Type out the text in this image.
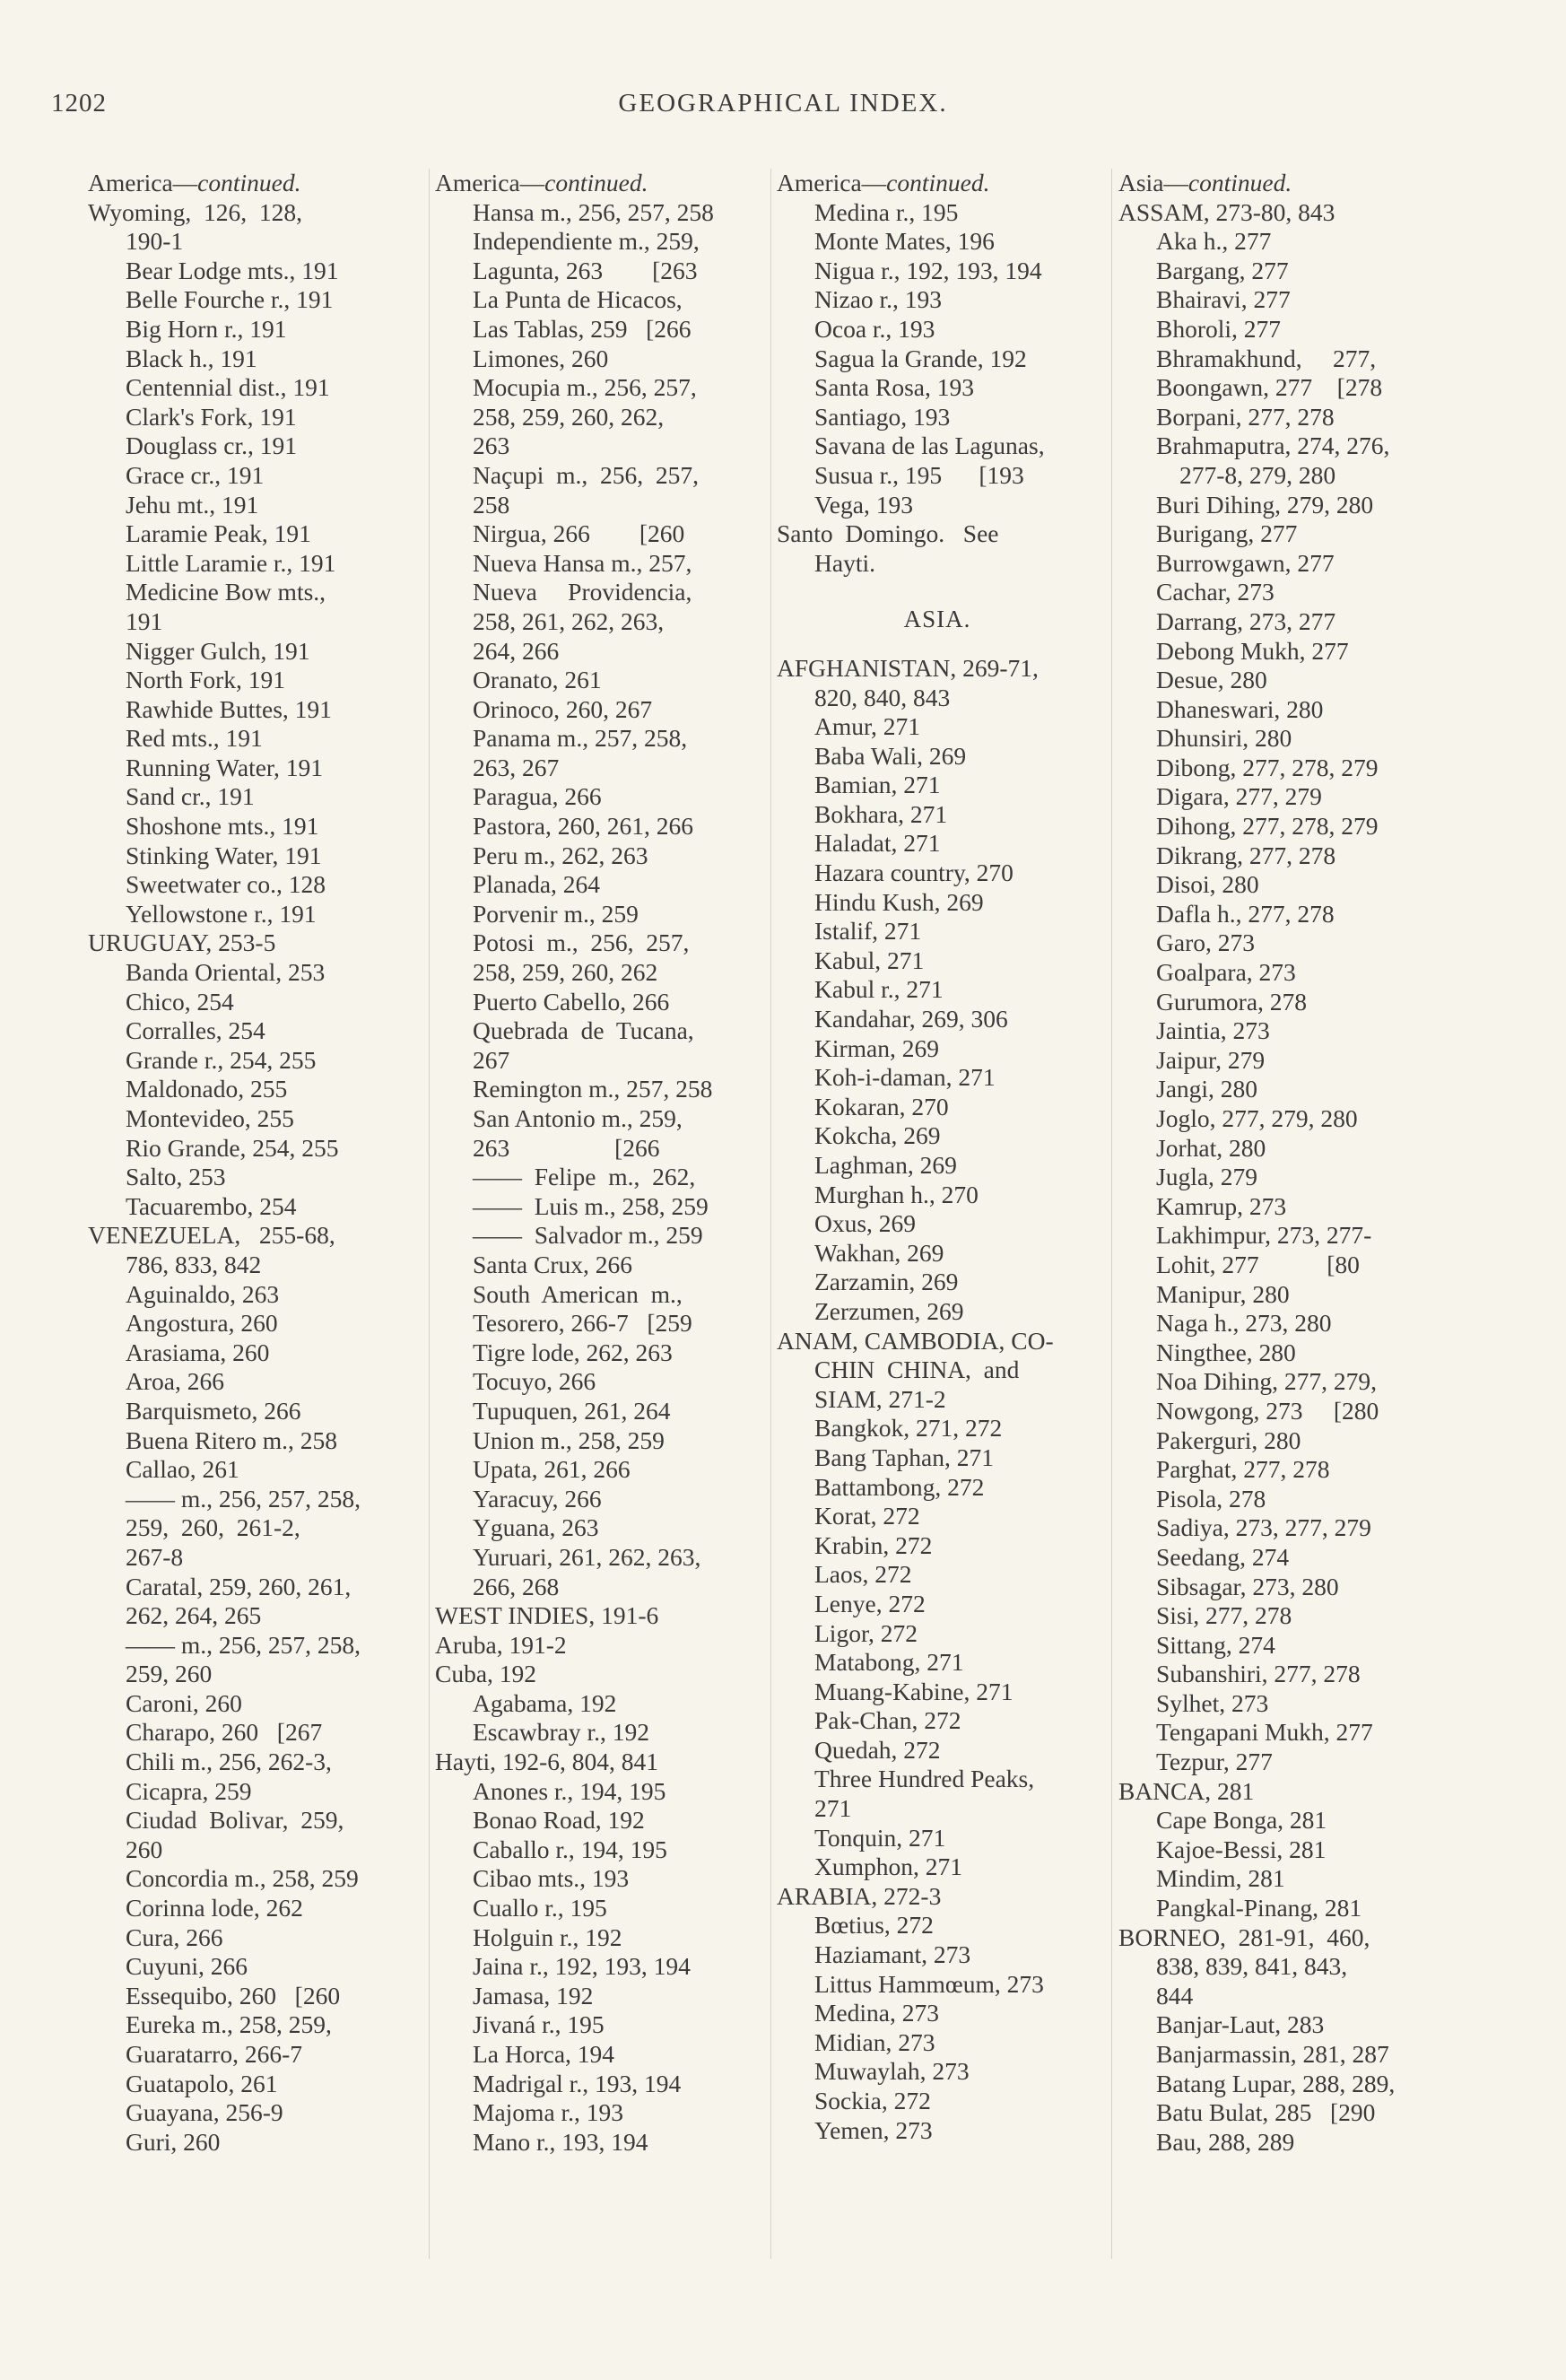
1202	GEOGRAPHICAL INDEX.
America—continued.
Wyoming,  126,  128,
190-1
Bear Lodge mts., 191
Belle Fourche r., 191
Big Horn r., 191
Black h., 191
Centennial dist., 191
Clark's Fork, 191
Douglass cr., 191
Grace cr., 191
Jehu mt., 191
Laramie Peak, 191
Little Laramie r., 191
Medicine Bow mts.,
191
Nigger Gulch, 191
North Fork, 191
Rawhide Buttes, 191
Red mts., 191
Running Water, 191
Sand cr., 191
Shoshone mts., 191
Stinking Water, 191
Sweetwater co., 128
Yellowstone r., 191
URUGUAY, 253-5
Banda Oriental, 253
Chico, 254
Corralles, 254
Grande r., 254, 255
Maldonado, 255
Montevideo, 255
Rio Grande, 254, 255
Salto, 253
Tacuarembo, 254
VENEZUELA,   255-68,
786, 833, 842
Aguinaldo, 263
Angostura, 260
Arasiama, 260
Aroa, 266
Barquismeto, 266
Buena Ritero m., 258
Callao, 261
—— m., 256, 257, 258,
259,  260,  261-2,
267-8
Caratal, 259, 260, 261,
262, 264, 265
—— m., 256, 257, 258,
259, 260
Caroni, 260
Charapo, 260   [267
Chili m., 256, 262-3,
Cicapra, 259
Ciudad  Bolivar,  259,
260
Concordia m., 258, 259
Corinna lode, 262
Cura, 266
Cuyuni, 266
Essequibo, 260   [260
Eureka m., 258, 259,
Guaratarro, 266-7
Guatapolo, 261
Guayana, 256-9
Guri, 260
America—continued.
Hansa m., 256, 257, 258
Independiente m., 259,
Lagunta, 263        [263
La Punta de Hicacos,
Las Tablas, 259   [266
Limones, 260
Mocupia m., 256, 257,
258, 259, 260, 262,
263
Naçupi  m.,  256,  257,
258
Nirgua, 266        [260
Nueva Hansa m., 257,
Nueva     Providencia,
258, 261, 262, 263,
264, 266
Oranato, 261
Orinoco, 260, 267
Panama m., 257, 258,
263, 267
Paragua, 266
Pastora, 260, 261, 266
Peru m., 262, 263
Planada, 264
Porvenir m., 259
Potosi  m.,  256,  257,
258, 259, 260, 262
Puerto Cabello, 266
Quebrada  de  Tucana,
267
Remington m., 257, 258
San Antonio m., 259,
263                 [266
——  Felipe  m.,  262,
——  Luis m., 258, 259
——  Salvador m., 259
Santa Crux, 266
South  American  m.,
Tesorero, 266-7   [259
Tigre lode, 262, 263
Tocuyo, 266
Tupuquen, 261, 264
Union m., 258, 259
Upata, 261, 266
Yaracuy, 266
Yguana, 263
Yuruari, 261, 262, 263,
266, 268
WEST INDIES, 191-6
Aruba, 191-2
Cuba, 192
Agabama, 192
Escawbray r., 192
Hayti, 192-6, 804, 841
Anones r., 194, 195
Bonao Road, 192
Caballo r., 194, 195
Cibao mts., 193
Cuallo r., 195
Holguin r., 192
Jaina r., 192, 193, 194
Jamasa, 192
Jivaná r., 195
La Horca, 194
Madrigal r., 193, 194
Majoma r., 193
Mano r., 193, 194
America—continued.
Medina r., 195
Monte Mates, 196
Nigua r., 192, 193, 194
Nizao r., 193
Ocoa r., 193
Sagua la Grande, 192
Santa Rosa, 193
Santiago, 193
Savana de las Lagunas,
Susua r., 195      [193
Vega, 193
Santo  Domingo.   See
Hayti.
ASIA.
AFGHANISTAN, 269-71,
820, 840, 843
Amur, 271
Baba Wali, 269
Bamian, 271
Bokhara, 271
Haladat, 271
Hazara country, 270
Hindu Kush, 269
Istalif, 271
Kabul, 271
Kabul r., 271
Kandahar, 269, 306
Kirman, 269
Koh-i-daman, 271
Kokaran, 270
Kokcha, 269
Laghman, 269
Murghan h., 270
Oxus, 269
Wakhan, 269
Zarzamin, 269
Zerzumen, 269
ANAM, CAMBODIA, CO-
CHIN  CHINA,  and
SIAM, 271-2
Bangkok, 271, 272
Bang Taphan, 271
Battambong, 272
Korat, 272
Krabin, 272
Laos, 272
Lenye, 272
Ligor, 272
Matabong, 271
Muang-Kabine, 271
Pak-Chan, 272
Quedah, 272
Three Hundred Peaks,
271
Tonquin, 271
Xumphon, 271
ARABIA, 272-3
Bœtius, 272
Haziamant, 273
Littus Hammœum, 273
Medina, 273
Midian, 273
Muwaylah, 273
Sockia, 272
Yemen, 273
Asia—continued.
ASSAM, 273-80, 843
Aka h., 277
Bargang, 277
Bhairavi, 277
Bhoroli, 277
Bhramakhund,     277,
Boongawn, 277    [278
Borpani, 277, 278
Brahmaputra, 274, 276,
277-8, 279, 280
Buri Dihing, 279, 280
Burigang, 277
Burrowgawn, 277
Cachar, 273
Darrang, 273, 277
Debong Mukh, 277
Desue, 280
Dhaneswari, 280
Dhunsiri, 280
Dibong, 277, 278, 279
Digara, 277, 279
Dihong, 277, 278, 279
Dikrang, 277, 278
Disoi, 280
Dafla h., 277, 278
Garo, 273
Goalpara, 273
Gurumora, 278
Jaintia, 273
Jaipur, 279
Jangi, 280
Joglo, 277, 279, 280
Jorhat, 280
Jugla, 279
Kamrup, 273
Lakhimpur, 273, 277-
Lohit, 277           [80
Manipur, 280
Naga h., 273, 280
Ningthee, 280
Noa Dihing, 277, 279,
Nowgong, 273     [280
Pakerguri, 280
Parghat, 277, 278
Pisola, 278
Sadiya, 273, 277, 279
Seedang, 274
Sibsagar, 273, 280
Sisi, 277, 278
Sittang, 274
Subanshiri, 277, 278
Sylhet, 273
Tengapani Mukh, 277
Tezpur, 277
BANCA, 281
Cape Bonga, 281
Kajoe-Bessi, 281
Mindim, 281
Pangkal-Pinang, 281
BORNEO,  281-91,  460,
838, 839, 841, 843,
844
Banjar-Laut, 283
Banjarmassin, 281, 287
Batang Lupar, 288, 289,
Batu Bulat, 285   [290
Bau, 288, 289
